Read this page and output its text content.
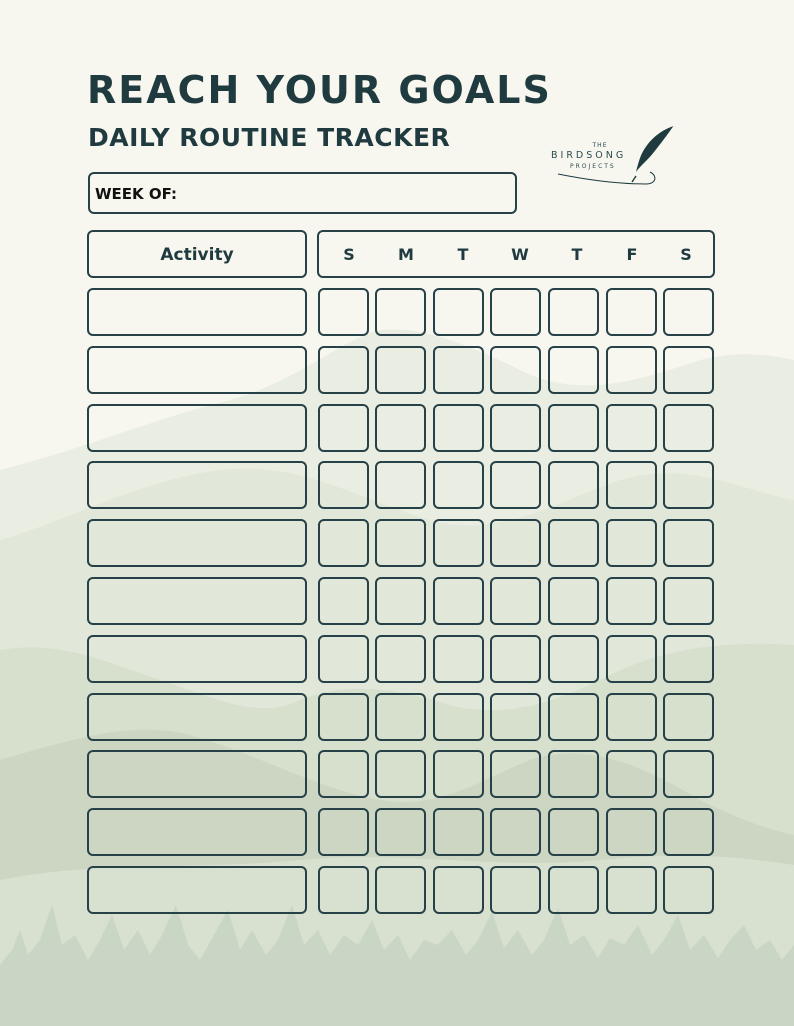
REACH YOUR GOALS
DAILY ROUTINE TRACKER	THE
BIRDSONG
PROJECTS
WEEK OF:
Activity	S	M	T	W	T	F	S
